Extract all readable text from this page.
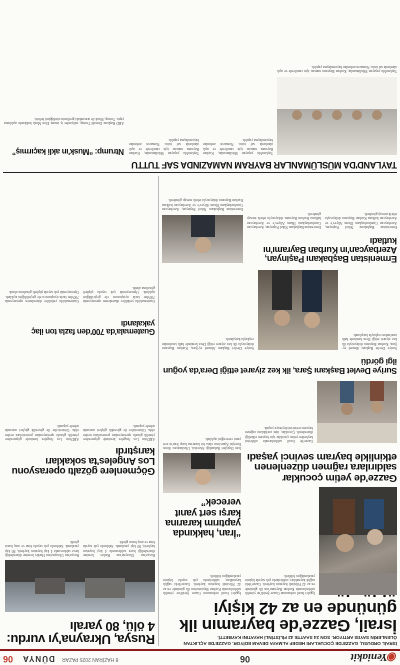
◉Yeniakit
06
8 HAZİRAN 2025 PAZAR
DÜNYA
06
İSRAİL ORDUSU, GAZZE'DE ÇOCUKLARI HEDEF ALMAYA DEVAM EDİYOR. GAZZE'DE AÇLIKTAN ÖLENLERİN SAYISI ARTIYOR. SON 24 SAATTE 42 FİLİSTİNLİ HAYATINI KAYBETTİ.
İsrail, Gazze'de bayramın ilk gününde en az 42 kişiyi
İşgalci İsrail ordusunun Gazze Şeridi'ne yönelik saldırılarında Kurban Bayramı'nın ilk gününde en az 42 Filistinli hayatını kaybetti. Gazze'deki sağlık kaynakları, saldırılarda çok sayıda kişinin yaralandığını bildirdi.
İşgalci İsrail ordusunun Gazze Şeridi'ne yönelik saldırılarında Kurban Bayramı'nın ilk gününde en az 42 Filistinli hayatını kaybetti. Gazze'deki sağlık kaynakları, saldırılarda çok sayıda kişinin yaralandığını bildirdi.
“İran, hakkında yaptırım kararına karşı sert yanıt verecek”
İran Dışişleri Bakanlığı Sözcüsü, Uluslararası Atom Enerjisi Ajansı'nın olası bir kararına karşı İran'ın sert yanıt vereceğini açıkladı.
Gazze'de yetim çocuklar saldırılara rağmen düzenlenen etkinlikle bayram sevinci yaşadı
Gazze'de İsrail saldırılarında ailelerini kaybeden yetim çocuklar için bayram etkinliği düzenlendi. Çocuklar, tüm zorluklara rağmen bayram sevincini doyasıya yaşadı.
Rusya, Ukrayna'yı vurdu: 4 ölü, 80 yaralı
Rusya'nın Ukrayna'nın Harkiv kentine düzenlediği hava saldırısında 4 kişi hayatını kaybetti, 80 kişi yaralandı. Saldırıda çok sayıda bina ve araç hasar gördü.
Rusya'nın Ukrayna'nın Harkiv kentine düzenlediği hava saldırısında 4 kişi hayatını kaybetti, 80 kişi yaralandı. Saldırıda çok sayıda bina ve araç hasar gördü.
Göçmenlere gözaltı operasyonu Los Angeles'ta sokakları karıştırdı
ABD'nin Los Angeles kentinde göçmenlere yönelik gözaltı operasyonları protestolara neden oldu. Göstericiler ile güvenlik güçleri arasında arbede yaşandı.
ABD'nin Los Angeles kentinde göçmenlere yönelik gözaltı operasyonları protestolara neden oldu. Göstericiler ile güvenlik güçleri arasında arbede yaşandı.
Guatemala'da 700'den fazla ton ilaç yakalandı
Guatemala'da yetkililer düzenlenen operasyonda 700'den fazla uyuşturucu ele geçirildiğini açıkladı. Operasyonda çok sayıda şüpheli gözaltına alındı.
Guatemala'da yetkililer düzenlenen operasyonda 700'den fazla uyuşturucu ele geçirildiğini açıkladı. Operasyonda çok sayıda şüpheli gözaltına alındı.
Suriye Devlet Başkanı Şara, ilk kez ziyaret ettiği Dera'da yoğun ilgi gördü
Suriye Devlet Başkanı Ahmed eş-Şara, Kurban Bayramı dolayısıyla ilk kez ziyaret ettiği Dera kentinde halk tarafından coşkuyla karşılandı.
Suriye Devlet Başkanı Ahmed eş-Şara, Kurban Bayramı dolayısıyla ilk kez ziyaret ettiği Dera kentinde halk tarafından coşkuyla karşılandı.
Ermenistan Başbakanı Paşinyan, Azerbaycan'ın Kurban Bayramı'nı kutladı
Ermenistan Başbakanı Nikol Paşinyan, Azerbaycan Cumhurbaşkanı İlham Aliyev'e ve Azerbaycan halkına Kurban Bayramı dolayısıyla tebrik mesajı gönderdi.
Ermenistan Başbakanı Nikol Paşinyan, Azerbaycan Cumhurbaşkanı İlham Aliyev'e ve Azerbaycan halkına Kurban Bayramı dolayısıyla tebrik mesajı gönderdi.
Ermenistan Başbakanı Nikol Paşinyan, Azerbaycan Cumhurbaşkanı İlham Aliyev'e ve Azerbaycan halkına Kurban Bayramı dolayısıyla tebrik mesajı gönderdi.
TAYLAND'DA MÜSLÜMANLAR BAYRAM NAMAZINDA SAF TUTTU
Tayland'da yaşayan Müslümanlar, Kurban Bayramı namazı için camilerde ve açık alanlarda saf tuttu. Namazın ardından bayramlaşma yapıldı.
Tayland'da yaşayan Müslümanlar, Kurban Bayramı namazı için camilerde ve açık alanlarda saf tuttu. Namazın ardından bayramlaşma yapıldı.
Tayland'da yaşayan Müslümanlar, Kurban Bayramı namazı için camilerde ve açık alanlarda saf tuttu. Namazın ardından bayramlaşma yapıldı.
Ntrump: “Musk'ın akli kaçırmış”
ABD Başkanı Donald Trump, milyarder iş insanı Elon Musk hakkında açıklama yaptı. Trump, Musk ile arasındaki gerilimin sürdüğünü belirtti.
